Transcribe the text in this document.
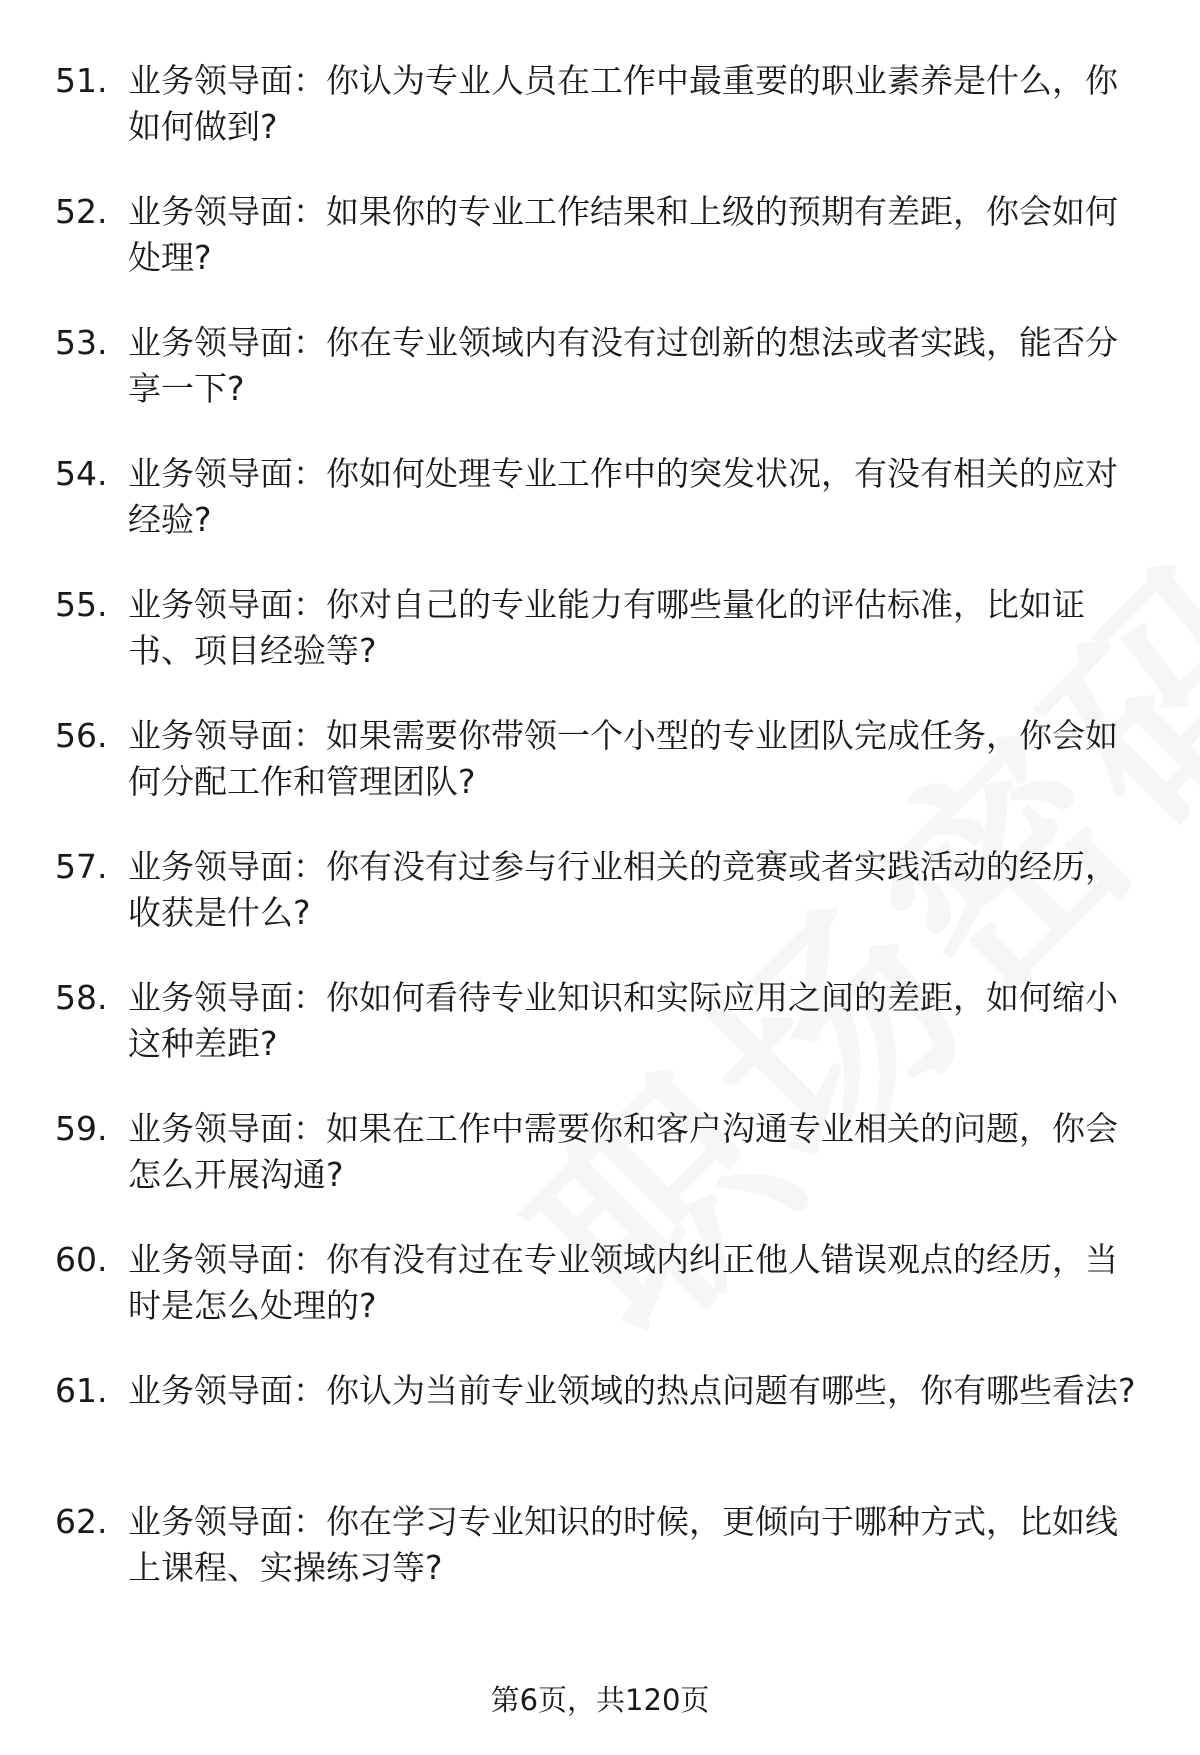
51. 业务领导面：你认为专业人员在工作中最重要的职业素养是什么，你如何做到?
52. 业务领导面：如果你的专业工作结果和上级的预期有差距，你会如何处理?
53. 业务领导面：你在专业领域内有没有过创新的想法或者实践，能否分享一下?
54. 业务领导面：你如何处理专业工作中的突发状况，有没有相关的应对经验?
55. 业务领导面：你对自己的专业能力有哪些量化的评估标准，比如证书、项目经验等?
56. 业务领导面：如果需要你带领一个小型的专业团队完成任务，你会如何分配工作和管理团队?
57. 业务领导面：你有没有过参与行业相关的竞赛或者实践活动的经历，收获是什么?
58. 业务领导面：你如何看待专业知识和实际应用之间的差距，如何缩小这种差距?
59. 业务领导面：如果在工作中需要你和客户沟通专业相关的问题，你会怎么开展沟通?
60. 业务领导面：你有没有过在专业领域内纠正他人错误观点的经历，当时是怎么处理的?
61. 业务领导面：你认为当前专业领域的热点问题有哪些，你有哪些看法?
62. 业务领导面：你在学习专业知识的时候，更倾向于哪种方式，比如线上课程、实操练习等?
第6页，共120页
